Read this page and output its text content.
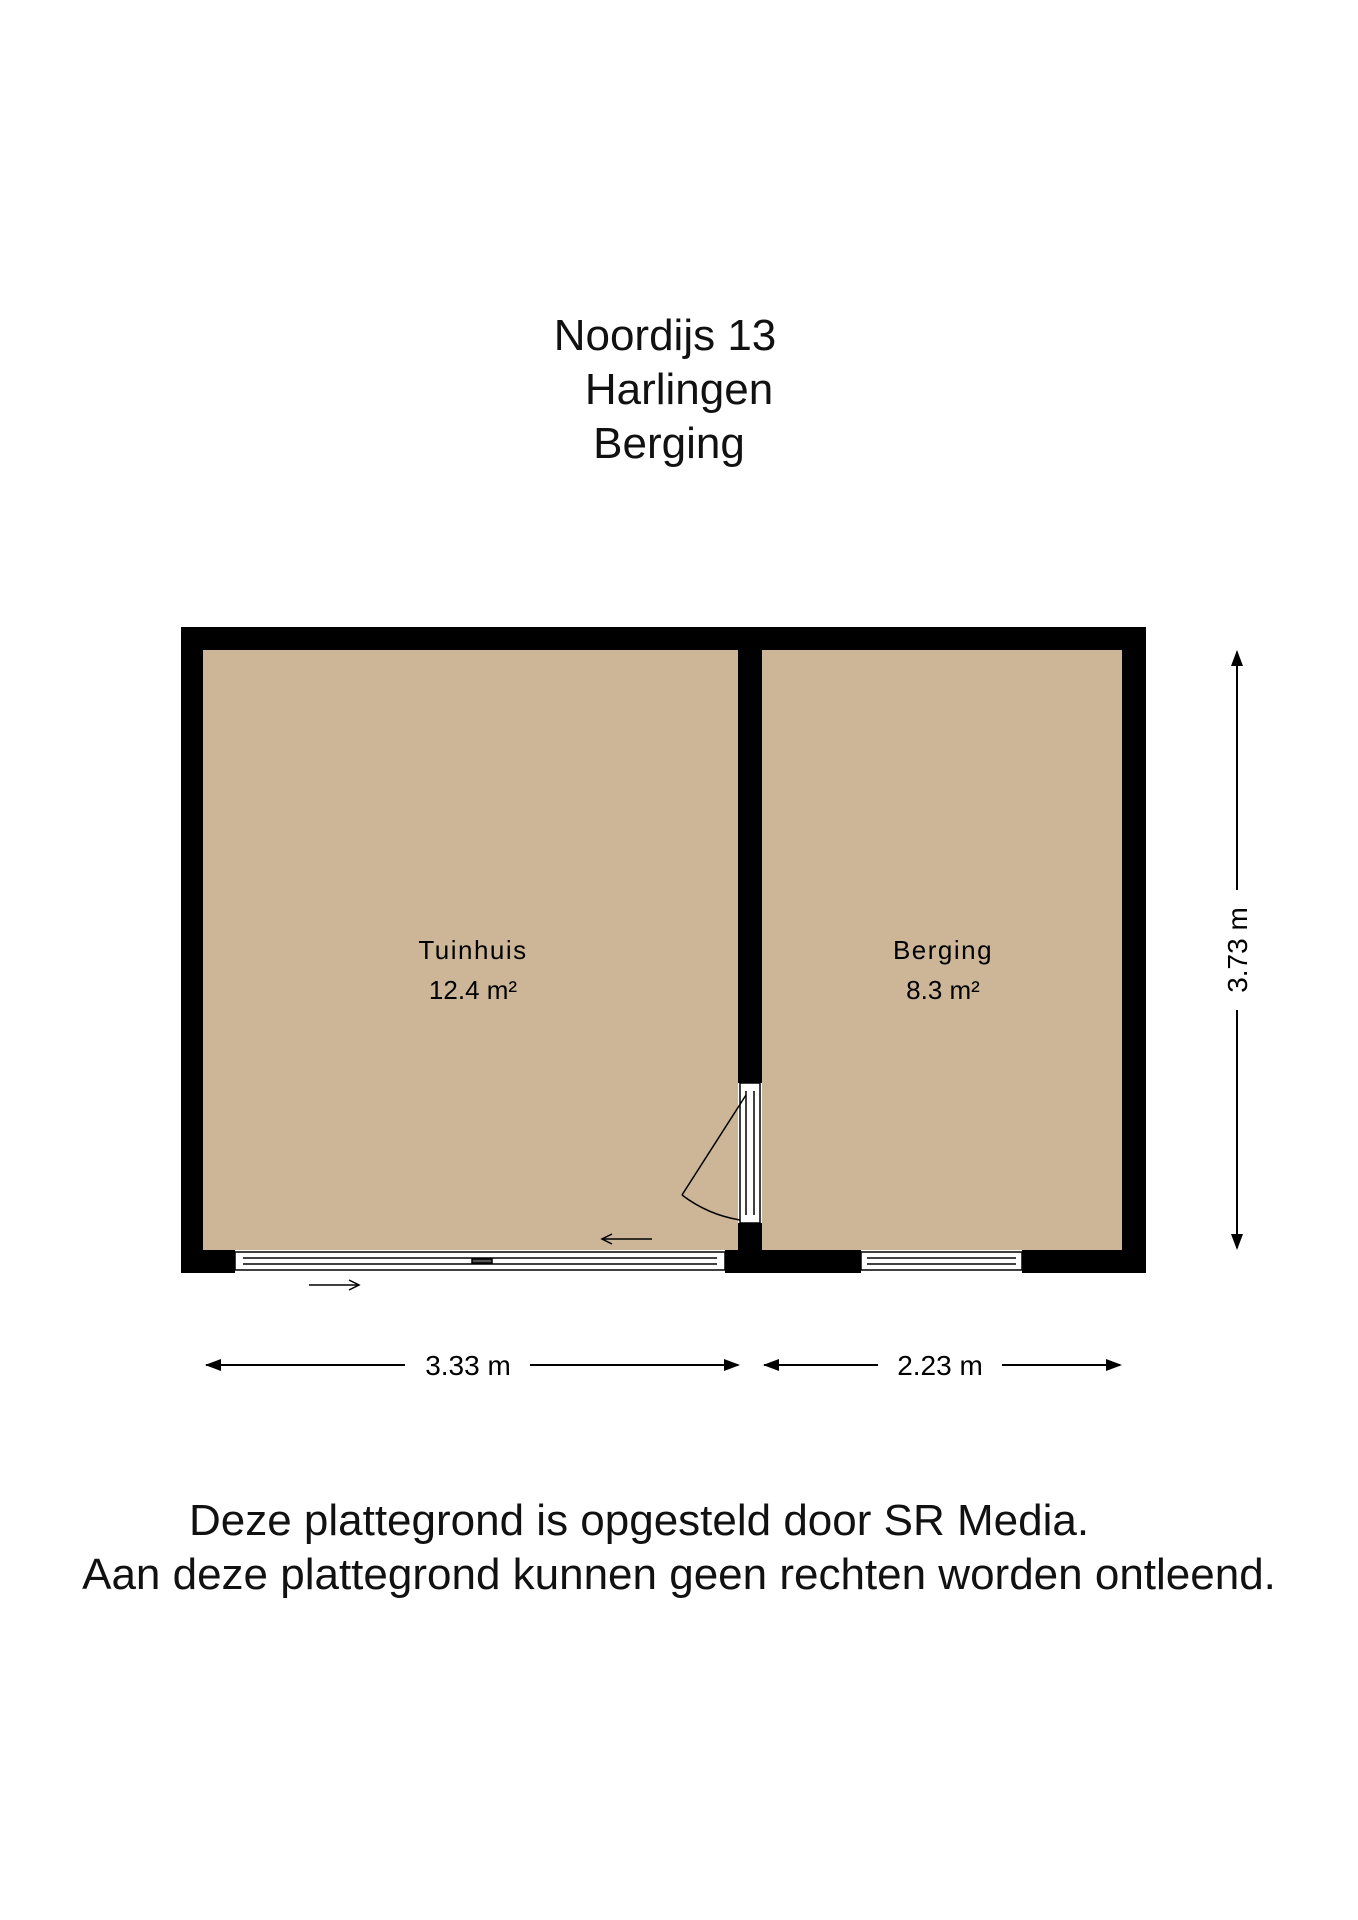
Noordijs 13
Harlingen
Berging
Tuinhuis
12.4 m²
Berging
8.3 m²
3.33 m	2.23 m
3.73 m
Deze plattegrond is opgesteld door SR Media.
Aan deze plattegrond kunnen geen rechten worden ontleend.
